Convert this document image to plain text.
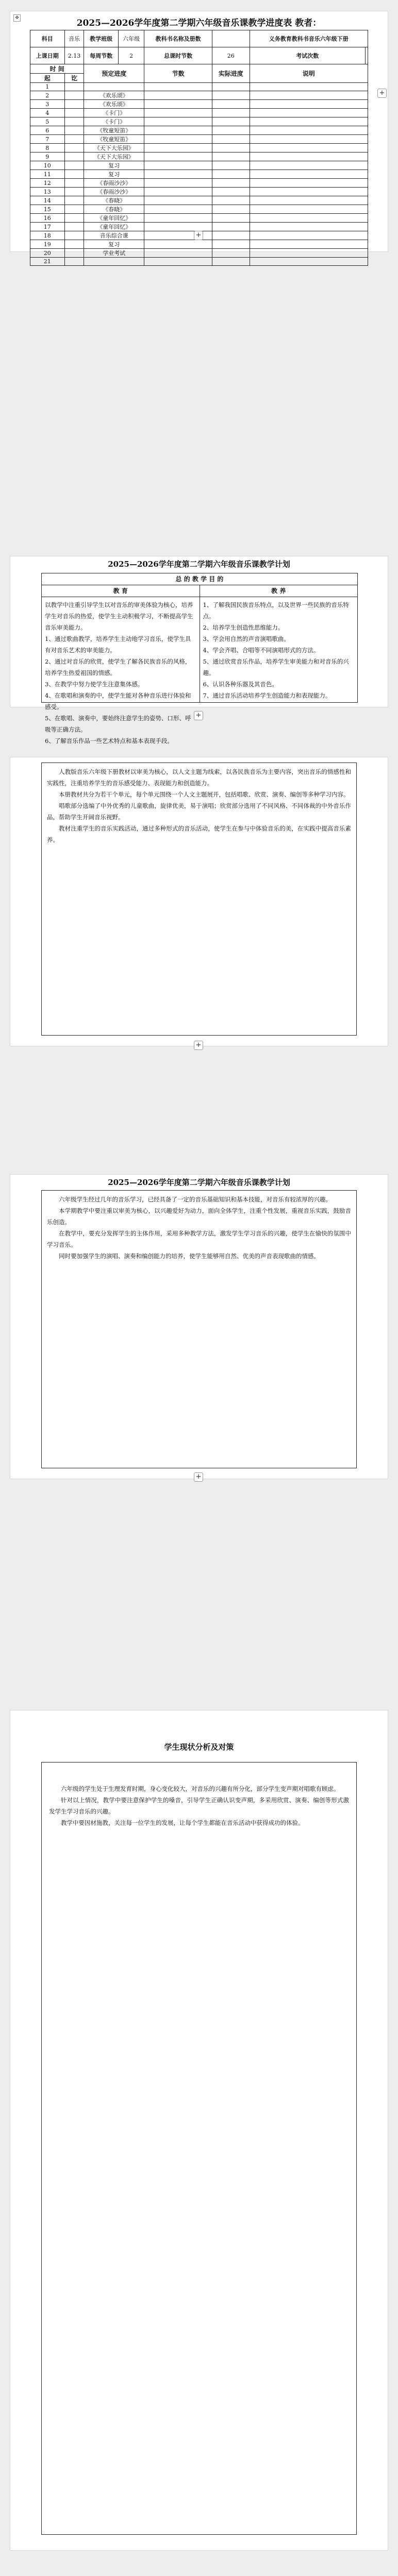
✥	2025—2026学年度第二学期六年级音乐课教学进度表 教者：
科目	音乐	教学班级	六年级	教科书名称及册数		义务教育教科书音乐六年级下册	
上课日期	2.13	每周节数	2	总课时节数	26	考试次数	
时 间		预定进度		节数	实际进度	说明	
起	讫						
1							
2		《欢乐颂》					
3		《欢乐颂》					
4		《卡门》					
5		《卡门》					
6		《牧童短笛》					
7		《牧童短笛》					
8		《天下大乐园》					
9		《天下大乐园》					
10		复习					
11		复习					
12		《春雨沙沙》					
13		《春雨沙沙》					
14		《春晓》					
15		《春晓》					
16		《童年回忆》					
17		《童年回忆》					
18		音乐综合课					
19		复习					
20		学业考试					
21							
+
+
2025—2026学年度第二学期六年级音乐课教学计划
总 的 教 学 目 的
教 育	教 养

以教学中注重引导学生以对音乐的审美体验为核心，培养学生对音乐的热爱，使学生主动积极学习，不断提高学生音乐审美能力。

1、通过歌曲教学，培养学生主动地学习音乐，使学生具有对音乐艺术的审美能力。

2、通过对音乐的欣赏，使学生了解各民族音乐的风格，培养学生热爱祖国的情感。

3、在教学中努力使学生注意集体感。

4、在歌唱和演奏的中，使学生能对各种音乐进行体验和感受。

5、在歌唱、演奏中，要始终注意学生的姿势、口形、呼吸等正确方法。

6、了解音乐作品一些艺术特点和基本表现手段。

1、了解我国民族音乐特点，以及世界一些民族的音乐特点。

2、培养学生创造性思维能力。

3、学会用自然的声音演唱歌曲。

4、学会齐唱、合唱等不同演唱形式的方法。

5、通过欣赏音乐作品，培养学生审美能力和对音乐的兴趣。

6、认识各种乐器及其音色。

7、通过音乐活动培养学生创造能力和表现能力。

+

人教版音乐六年级下册教材以审美为核心，以人文主题为线索，以各民族音乐为主要内容，突出音乐的情感性和实践性，注重培养学生的音乐感受能力、表现能力和创造能力。

本册教材共分为若干个单元，每个单元围绕一个人文主题展开，包括唱歌、欣赏、演奏、编创等多种学习内容。

唱歌部分选编了中外优秀的儿童歌曲，旋律优美，易于演唱；欣赏部分选用了不同风格、不同体裁的中外音乐作品，帮助学生开阔音乐视野。

教材注重学生的音乐实践活动，通过多种形式的音乐活动，使学生在参与中体验音乐的美，在实践中提高音乐素养。

+
2025—2026学年度第二学期六年级音乐课教学计划

六年级学生经过几年的音乐学习，已经具备了一定的音乐基础知识和基本技能，对音乐有较浓厚的兴趣。

本学期教学中要注重以审美为核心，以兴趣爱好为动力，面向全体学生，注重个性发展，重视音乐实践，鼓励音乐创造。

在教学中，要充分发挥学生的主体作用，采用多种教学方法，激发学生学习音乐的兴趣，使学生在愉快的氛围中学习音乐。

同时要加强学生的演唱、演奏和编创能力的培养，使学生能够用自然、优美的声音表现歌曲的情感。

+
学生现状分析及对策

六年级的学生处于生理发育时期，身心变化较大，对音乐的兴趣有所分化，部分学生变声期对唱歌有顾虑。

针对以上情况，教学中要注意保护学生的嗓音，引导学生正确认识变声期，多采用欣赏、演奏、编创等形式激发学生学习音乐的兴趣。

教学中要因材施教，关注每一位学生的发展，让每个学生都能在音乐活动中获得成功的体验。
